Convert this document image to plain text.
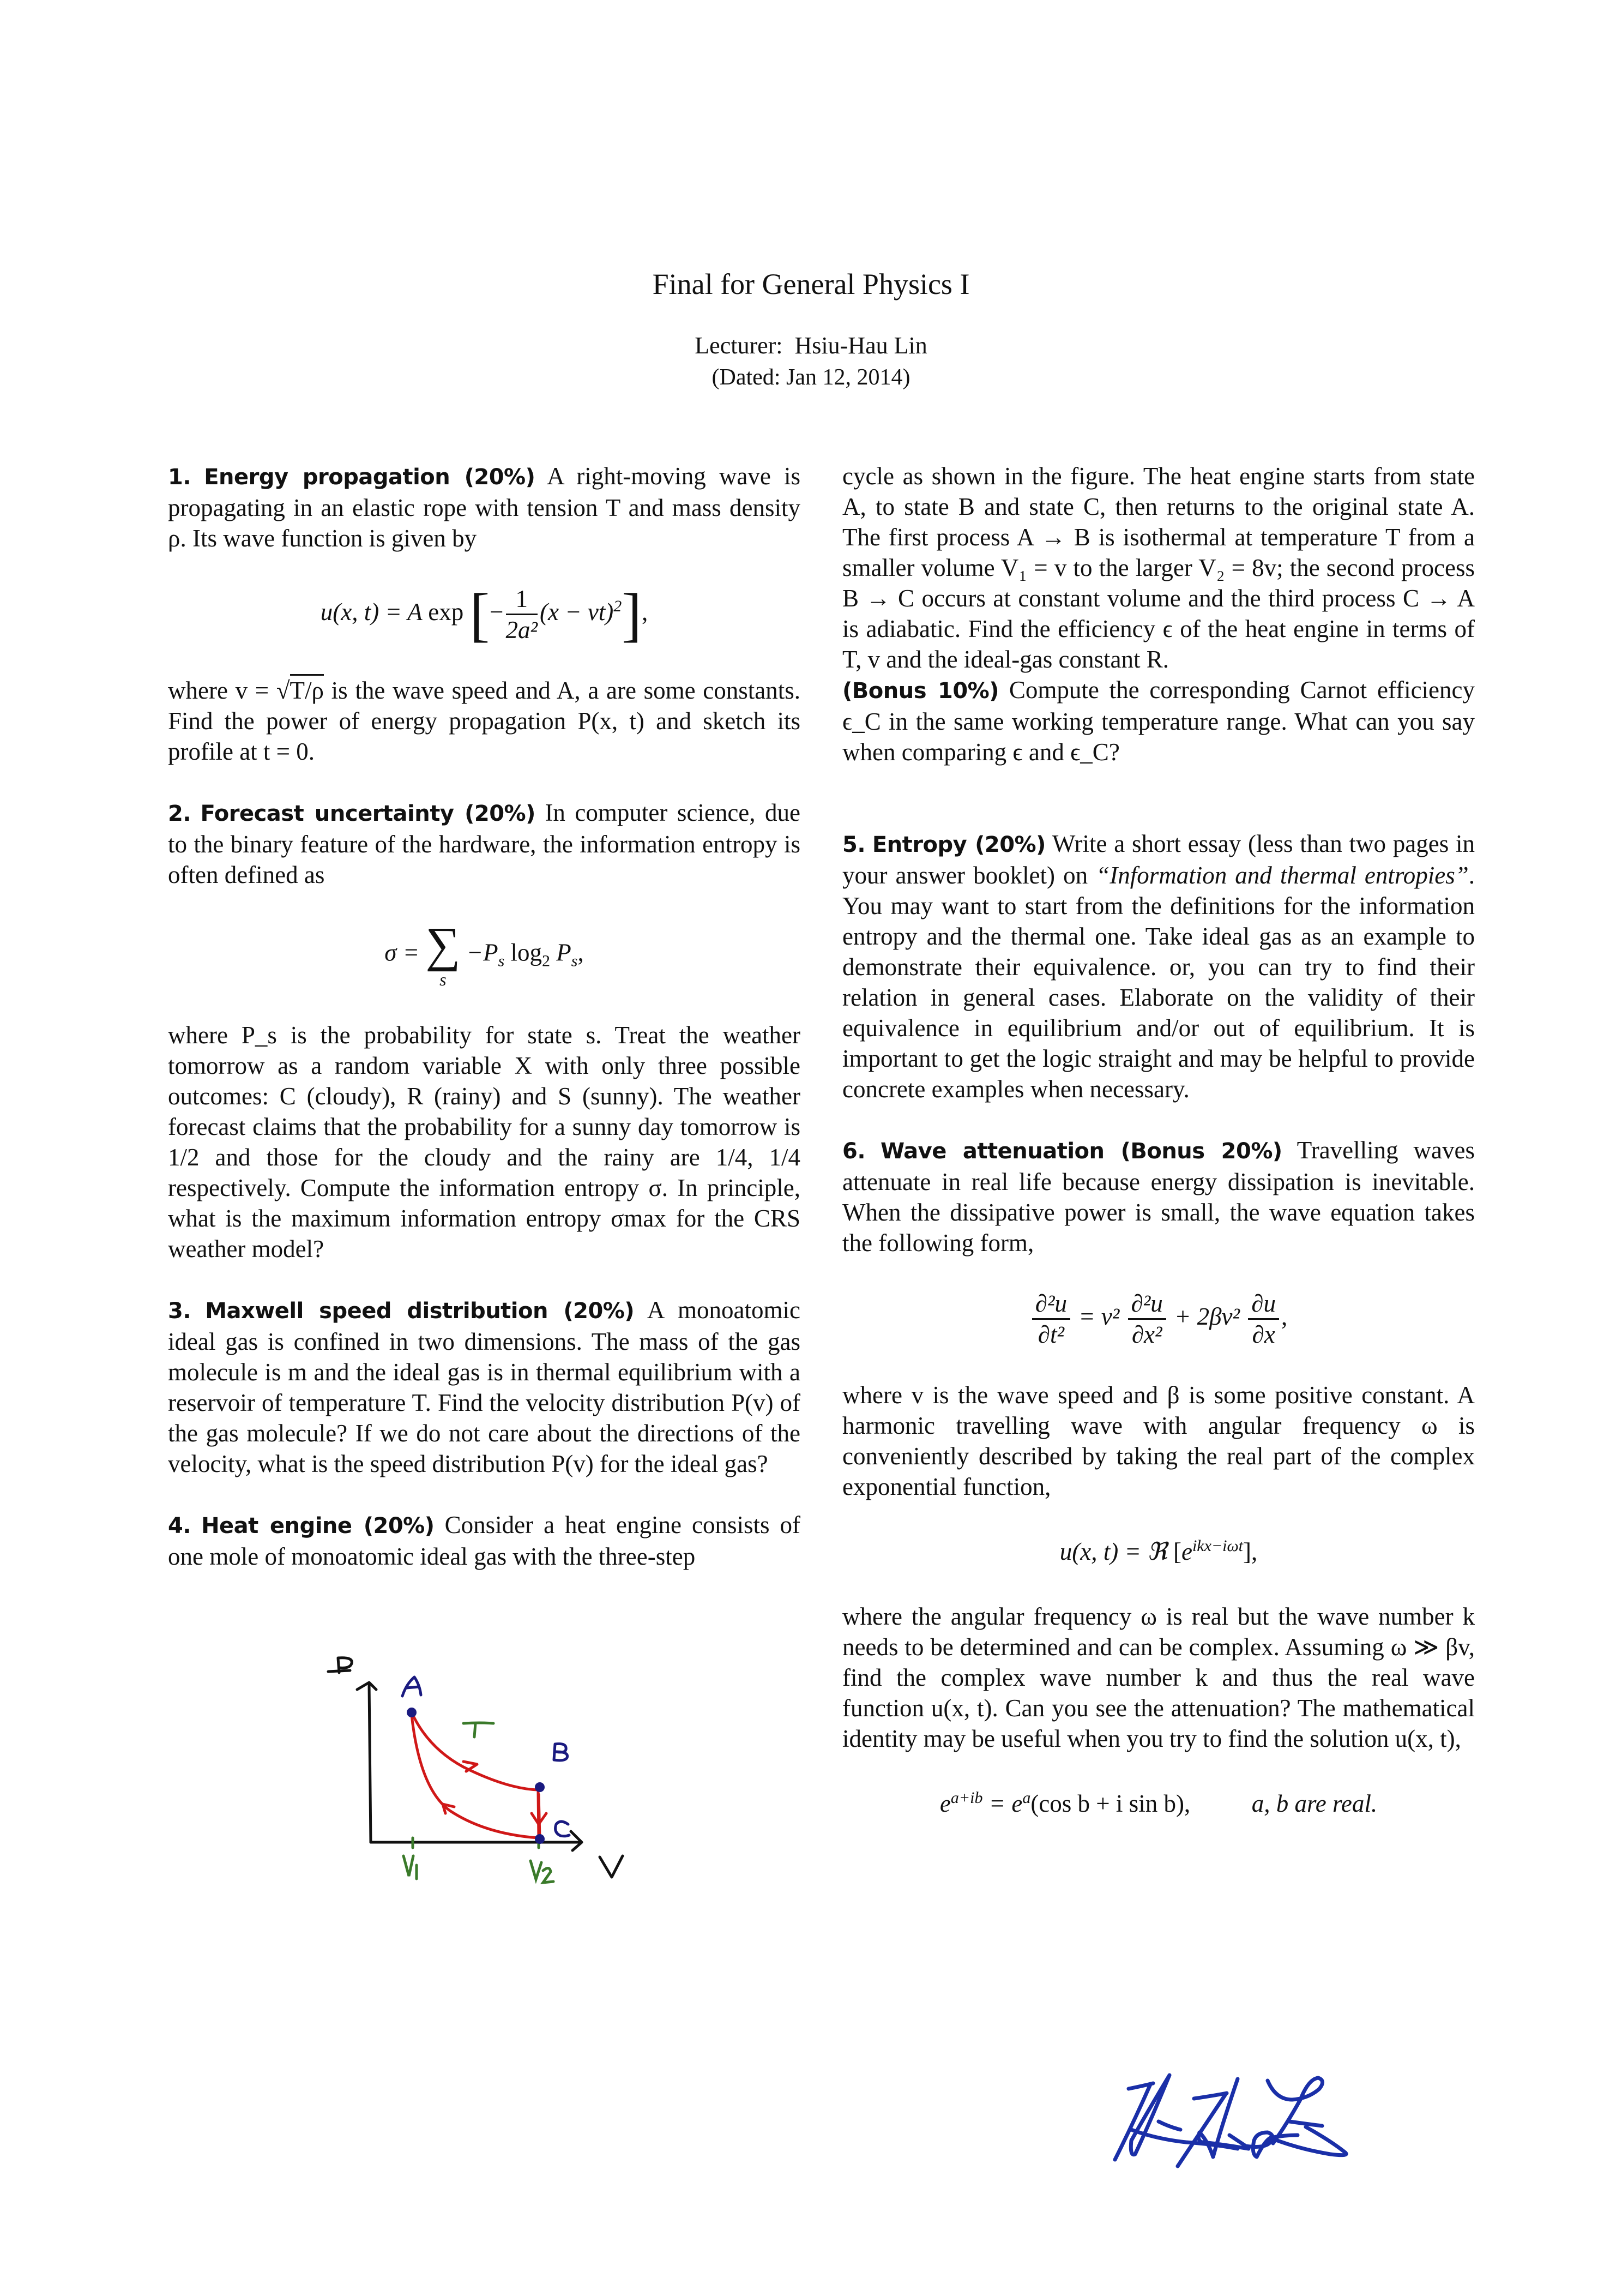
Final for General Physics I
Lecturer: Hsiu-Hau Lin
(Dated: Jan 12, 2014)

1. Energy propagation (20%) A right-moving wave is propagating in an elastic rope with tension T and mass density ρ. Its wave function is given by

u(x, t) = A exp [− $\frac{1}{\text{2a²}} (x - vt)^2$],

where v = √T/ρ is the wave speed and A, a are some constants. Find the power of energy propagation P(x, t) and sketch its profile at t = 0.

2. Forecast uncertainty (20%) In computer science, due to the binary feature of the hardware, the information entropy is often defined as

σ = ∑
s
$-P_s$ $\log_2 P_s$,

where P_s is the probability for state s. Treat the weather tomorrow as a random variable X with only three possible outcomes: C (cloudy), R (rainy) and S (sunny). The weather forecast claims that the probability for a sunny day tomorrow is 1/2 and those for the cloudy and the rainy are 1/4, 1/4 respectively. Compute the information entropy σ. In principle, what is the maximum information entropy σmax for the CRS weather model?

3. Maxwell speed distribution (20%) A monoatomic ideal gas is confined in two dimensions. The mass of the gas molecule is m and the ideal gas is in thermal equilibrium with a reservoir of temperature T. Find the velocity distribution P(v) of the gas molecule? If we do not care about the directions of the velocity, what is the speed distribution P(v) for the ideal gas?

4. Heat engine (20%) Consider a heat engine consists of one mole of monoatomic ideal gas with the three-step

cycle as shown in the figure. The heat engine starts from state A, to state B and state C, then returns to the original state A. The first process A → B is isothermal at temperature T from a smaller volume V₁ = v to the larger V₂ = 8v; the second process B → C occurs at constant volume and the third process C → A is adiabatic. Find the efficiency ϵ of the heat engine in terms of T, v and the ideal-gas constant R.

(Bonus 10%) Compute the corresponding Carnot efficiency ϵ_C in the same working temperature range. What can you say when comparing ϵ and ϵ_C?

5. Entropy (20%) Write a short essay (less than two pages in your answer booklet) on “Information and thermal entropies”. You may want to start from the definitions for the information entropy and the thermal one. Take ideal gas as an example to demonstrate their equivalence. or, you can try to find their relation in general cases. Elaborate on the validity of their equivalence in equilibrium and/or out of equilibrium. It is important to get the logic straight and may be helpful to provide concrete examples when necessary.

6. Wave attenuation (Bonus 20%) Travelling waves attenuate in real life because energy dissipation is inevitable. When the dissipative power is small, the wave equation takes the following form,

$\frac{\text{∂²u}}{\text{∂t²}} = v^2 \frac{\text{∂²u}}{\text{∂x²}} + 2\beta v^2 \frac{\partial u}{\partial x}$ ,

where v is the wave speed and β is some positive constant. A harmonic travelling wave with angular frequency ω is conveniently described by taking the real part of the complex exponential function,

u(x, t) = ℜ $[e^{ikx-i\omega t}]$,

where the angular frequency ω is real but the wave number k needs to be determined and can be complex. Assuming ω ≫ βv, find the complex wave number k and thus the real wave function u(x, t). Can you see the attenuation? The mathematical identity may be useful when you try to find the solution u(x, t),

$e^{a+ib} = e^a(\cos$ b + i sin b),	a, b are real.
